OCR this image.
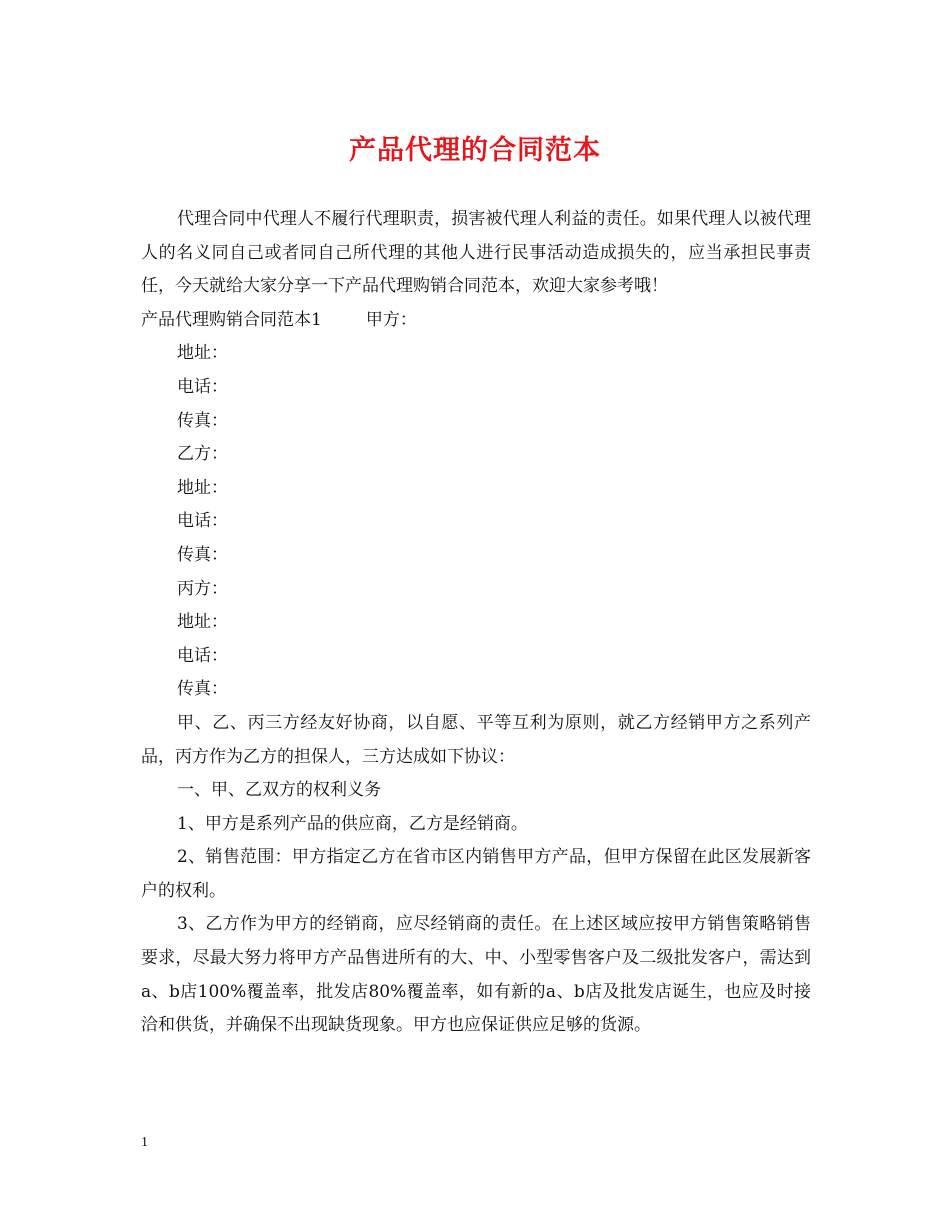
产品代理的合同范本

代理合同中代理人不履行代理职责，损害被代理人利益的责任。如果代理人以被代理人的名义同自己或者同自己所代理的其他人进行民事活动造成损失的，应当承担民事责任，今天就给大家分享一下产品代理购销合同范本，欢迎大家参考哦！

产品代理购销合同范本1	甲方：

地址：

电话：

传真：

乙方：

地址：

电话：

传真：

丙方：

地址：

电话：

传真：

甲、乙、丙三方经友好协商，以自愿、平等互利为原则，就乙方经销甲方之系列产品，丙方作为乙方的担保人，三方达成如下协议：

一、甲、乙双方的权利义务

1、甲方是系列产品的供应商，乙方是经销商。

2、销售范围：甲方指定乙方在省市区内销售甲方产品，但甲方保留在此区发展新客户的权利。

3、乙方作为甲方的经销商，应尽经销商的责任。在上述区域应按甲方销售策略销售要求，尽最大努力将甲方产品售进所有的大、中、小型零售客户及二级批发客户，需达到a、b店100%覆盖率，批发店80%覆盖率，如有新的a、b店及批发店诞生，也应及时接洽和供货，并确保不出现缺货现象。甲方也应保证供应足够的货源。

1
